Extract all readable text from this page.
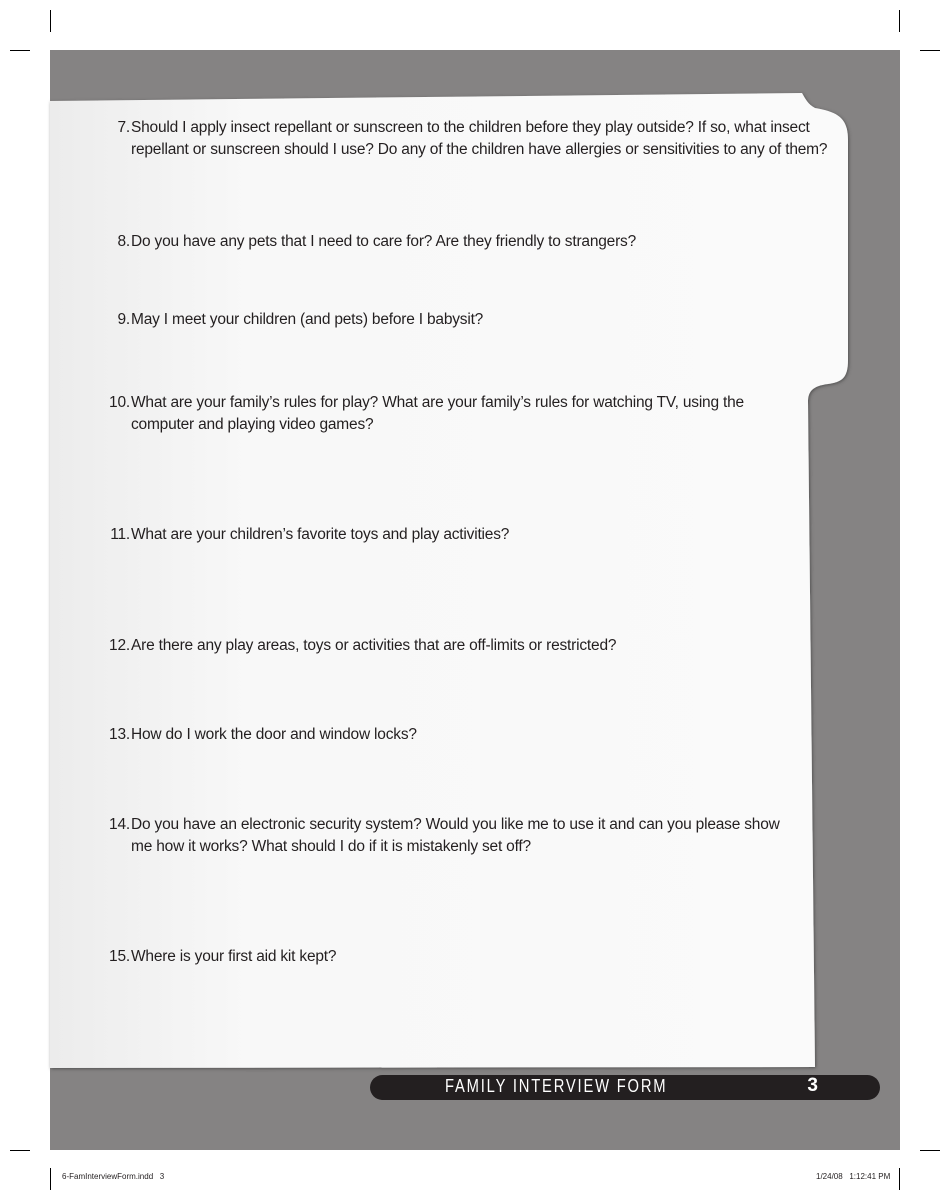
7. Should I apply insect repellant or sunscreen to the children before they play outside? If so, what insect repellant or sunscreen should I use? Do any of the children have allergies or sensitivities to any of them?
8. Do you have any pets that I need to care for? Are they friendly to strangers?
9. May I meet your children (and pets) before I babysit?
10. What are your family’s rules for play? What are your family’s rules for watching TV, using the computer and playing video games?
11. What are your children’s favorite toys and play activities?
12. Are there any play areas, toys or activities that are off-limits or restricted?
13. How do I work the door and window locks?
14. Do you have an electronic security system? Would you like me to use it and can you please show me how it works? What should I do if it is mistakenly set off?
15. Where is your first aid kit kept?
FAMILY INTERVIEW FORM	3
6-FamInterviewForm.indd   3	1/24/08   1:12:41 PM
